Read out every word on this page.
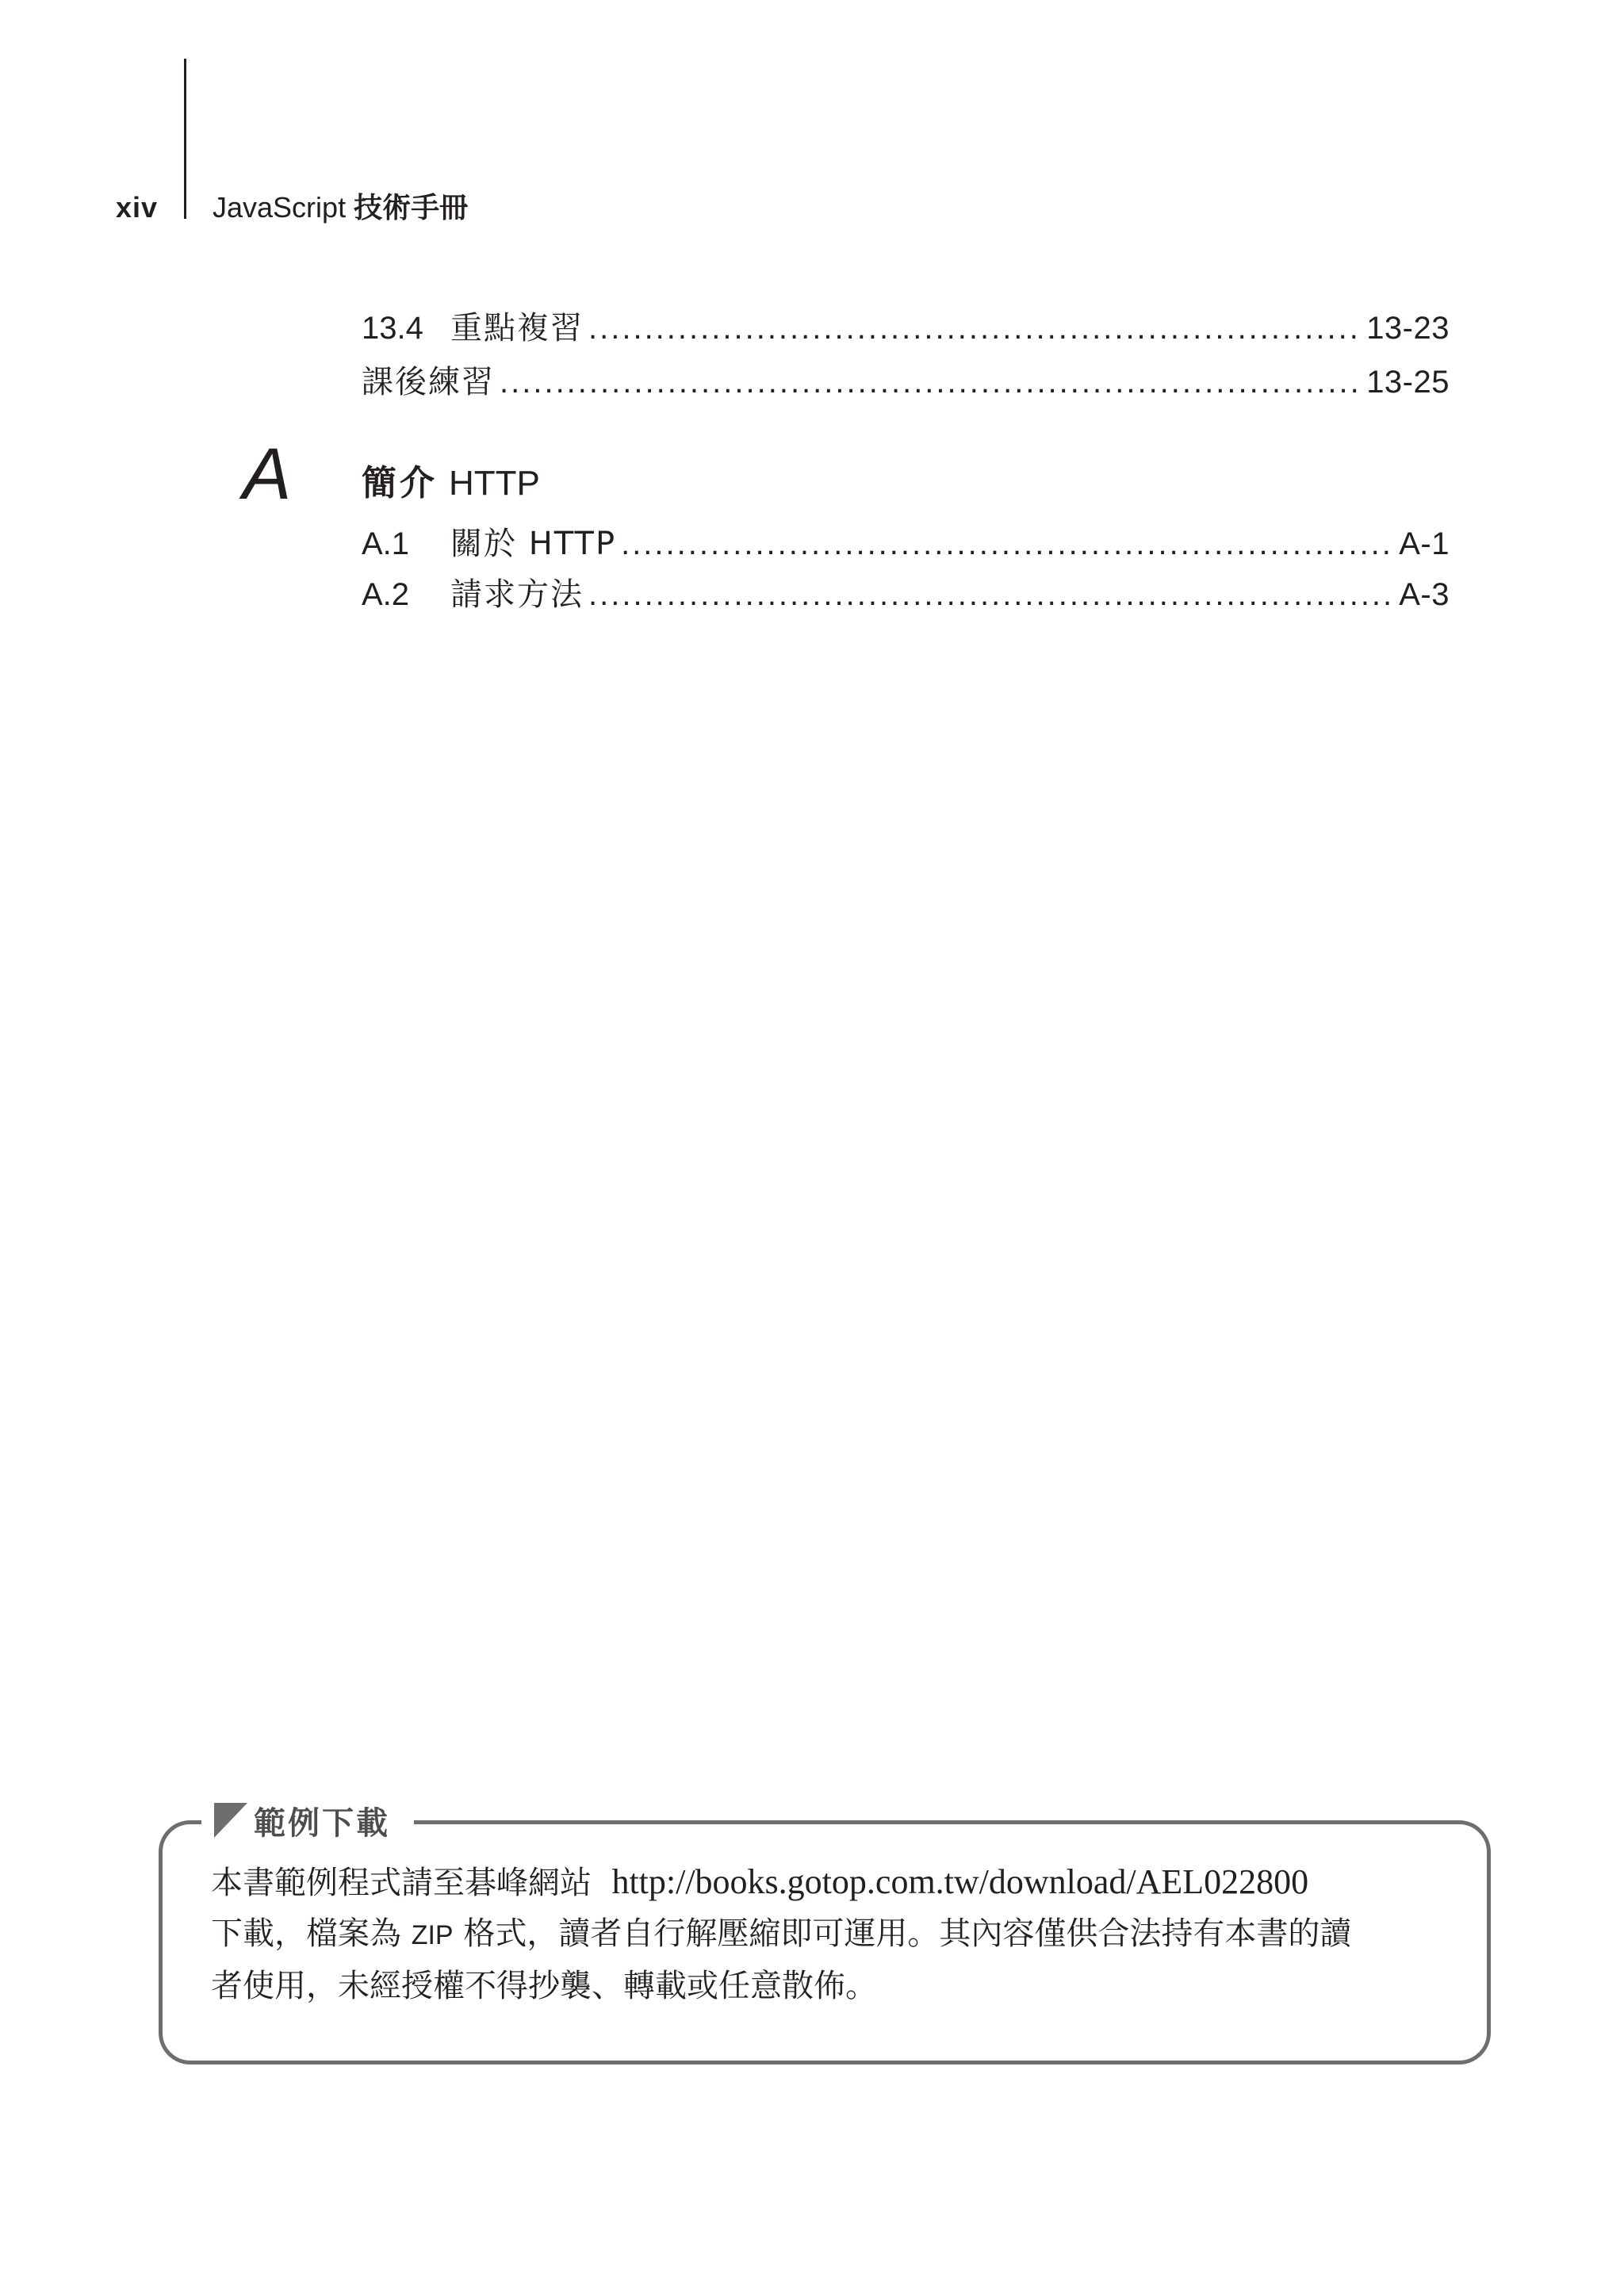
xiv JavaScript 技術手冊
13.4 重點複習 .....	13-23
課後練習 .....	13-25
A 簡介 HTTP
A.1	關於 HTTP .....	A-1
A.2	請求方法 .....	A-3
範例下載
本書範例程式請至碁峰網站 http://books.gotop.com.tw/download/AEL022800
下載，檔案為 ZIP 格式，讀者自行解壓縮即可運用。其內容僅供合法持有本書的讀
者使用，未經授權不得抄襲、轉載或任意散佈。
